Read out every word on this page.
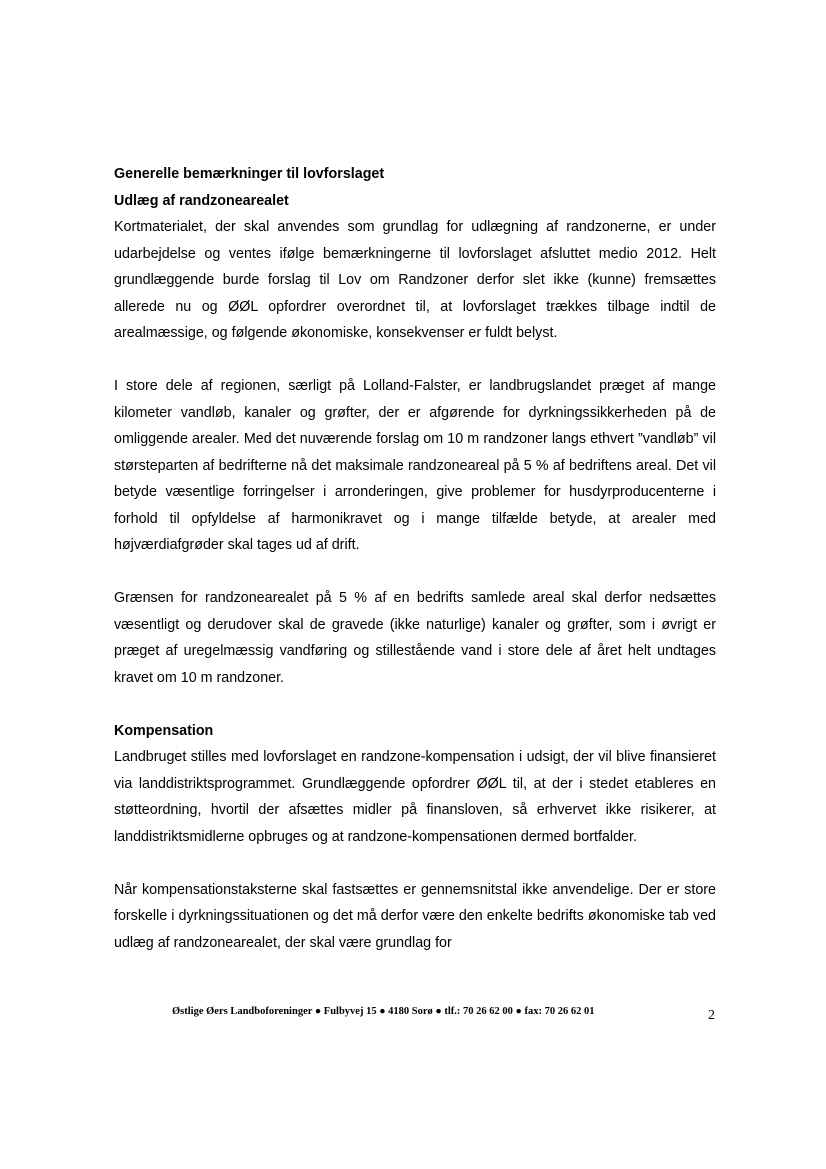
Generelle bemærkninger til lovforslaget

Udlæg af randzonearealet

Kortmaterialet, der skal anvendes som grundlag for udlægning af randzonerne, er under udarbejdelse og ventes ifølge bemærkningerne til lovforslaget afsluttet medio 2012. Helt grundlæggende burde forslag til Lov om Randzoner derfor slet ikke (kunne) fremsættes allerede nu og ØØL opfordrer overordnet til, at lovforslaget trækkes tilbage indtil de arealmæssige, og følgende økonomiske, konsekvenser er fuldt belyst.

I store dele af regionen, særligt på Lolland-Falster, er landbrugslandet præget af mange kilometer vandløb, kanaler og grøfter, der er afgørende for dyrkningssikkerheden på de omliggende arealer. Med det nuværende forslag om 10 m randzoner langs ethvert ”vandløb” vil størsteparten af bedrifterne nå det maksimale randzoneareal på 5 % af bedriftens areal. Det vil betyde væsentlige forringelser i arronderingen, give problemer for husdyrproducenterne i forhold til opfyldelse af harmonikravet og i mange tilfælde betyde, at arealer med højværdiafgrøder skal tages ud af drift.

Grænsen for randzonearealet på 5 % af en bedrifts samlede areal skal derfor nedsættes væsentligt og derudover skal de gravede (ikke naturlige) kanaler og grøfter, som i øvrigt er præget af uregelmæssig vandføring og stillestående vand i store dele af året helt undtages kravet om 10 m randzoner.

Kompensation

Landbruget stilles med lovforslaget en randzone-kompensation i udsigt, der vil blive finansieret via landdistriktsprogrammet. Grundlæggende opfordrer ØØL til, at der i stedet etableres en støtteordning, hvortil der afsættes midler på finansloven, så erhvervet ikke risikerer, at landdistriktsmidlerne opbruges og at randzone-kompensationen dermed bortfalder.

Når kompensationstaksterne skal fastsættes er gennemsnitstal ikke anvendelige. Der er store forskelle i dyrkningssituationen og det må derfor være den enkelte bedrifts økonomiske tab ved udlæg af randzonearealet, der skal være grundlag for

Østlige Øers Landboforeninger ● Fulbyvej 15 ● 4180 Sorø ● tlf.: 70 26 62 00 ● fax: 70 26 62 01	2
